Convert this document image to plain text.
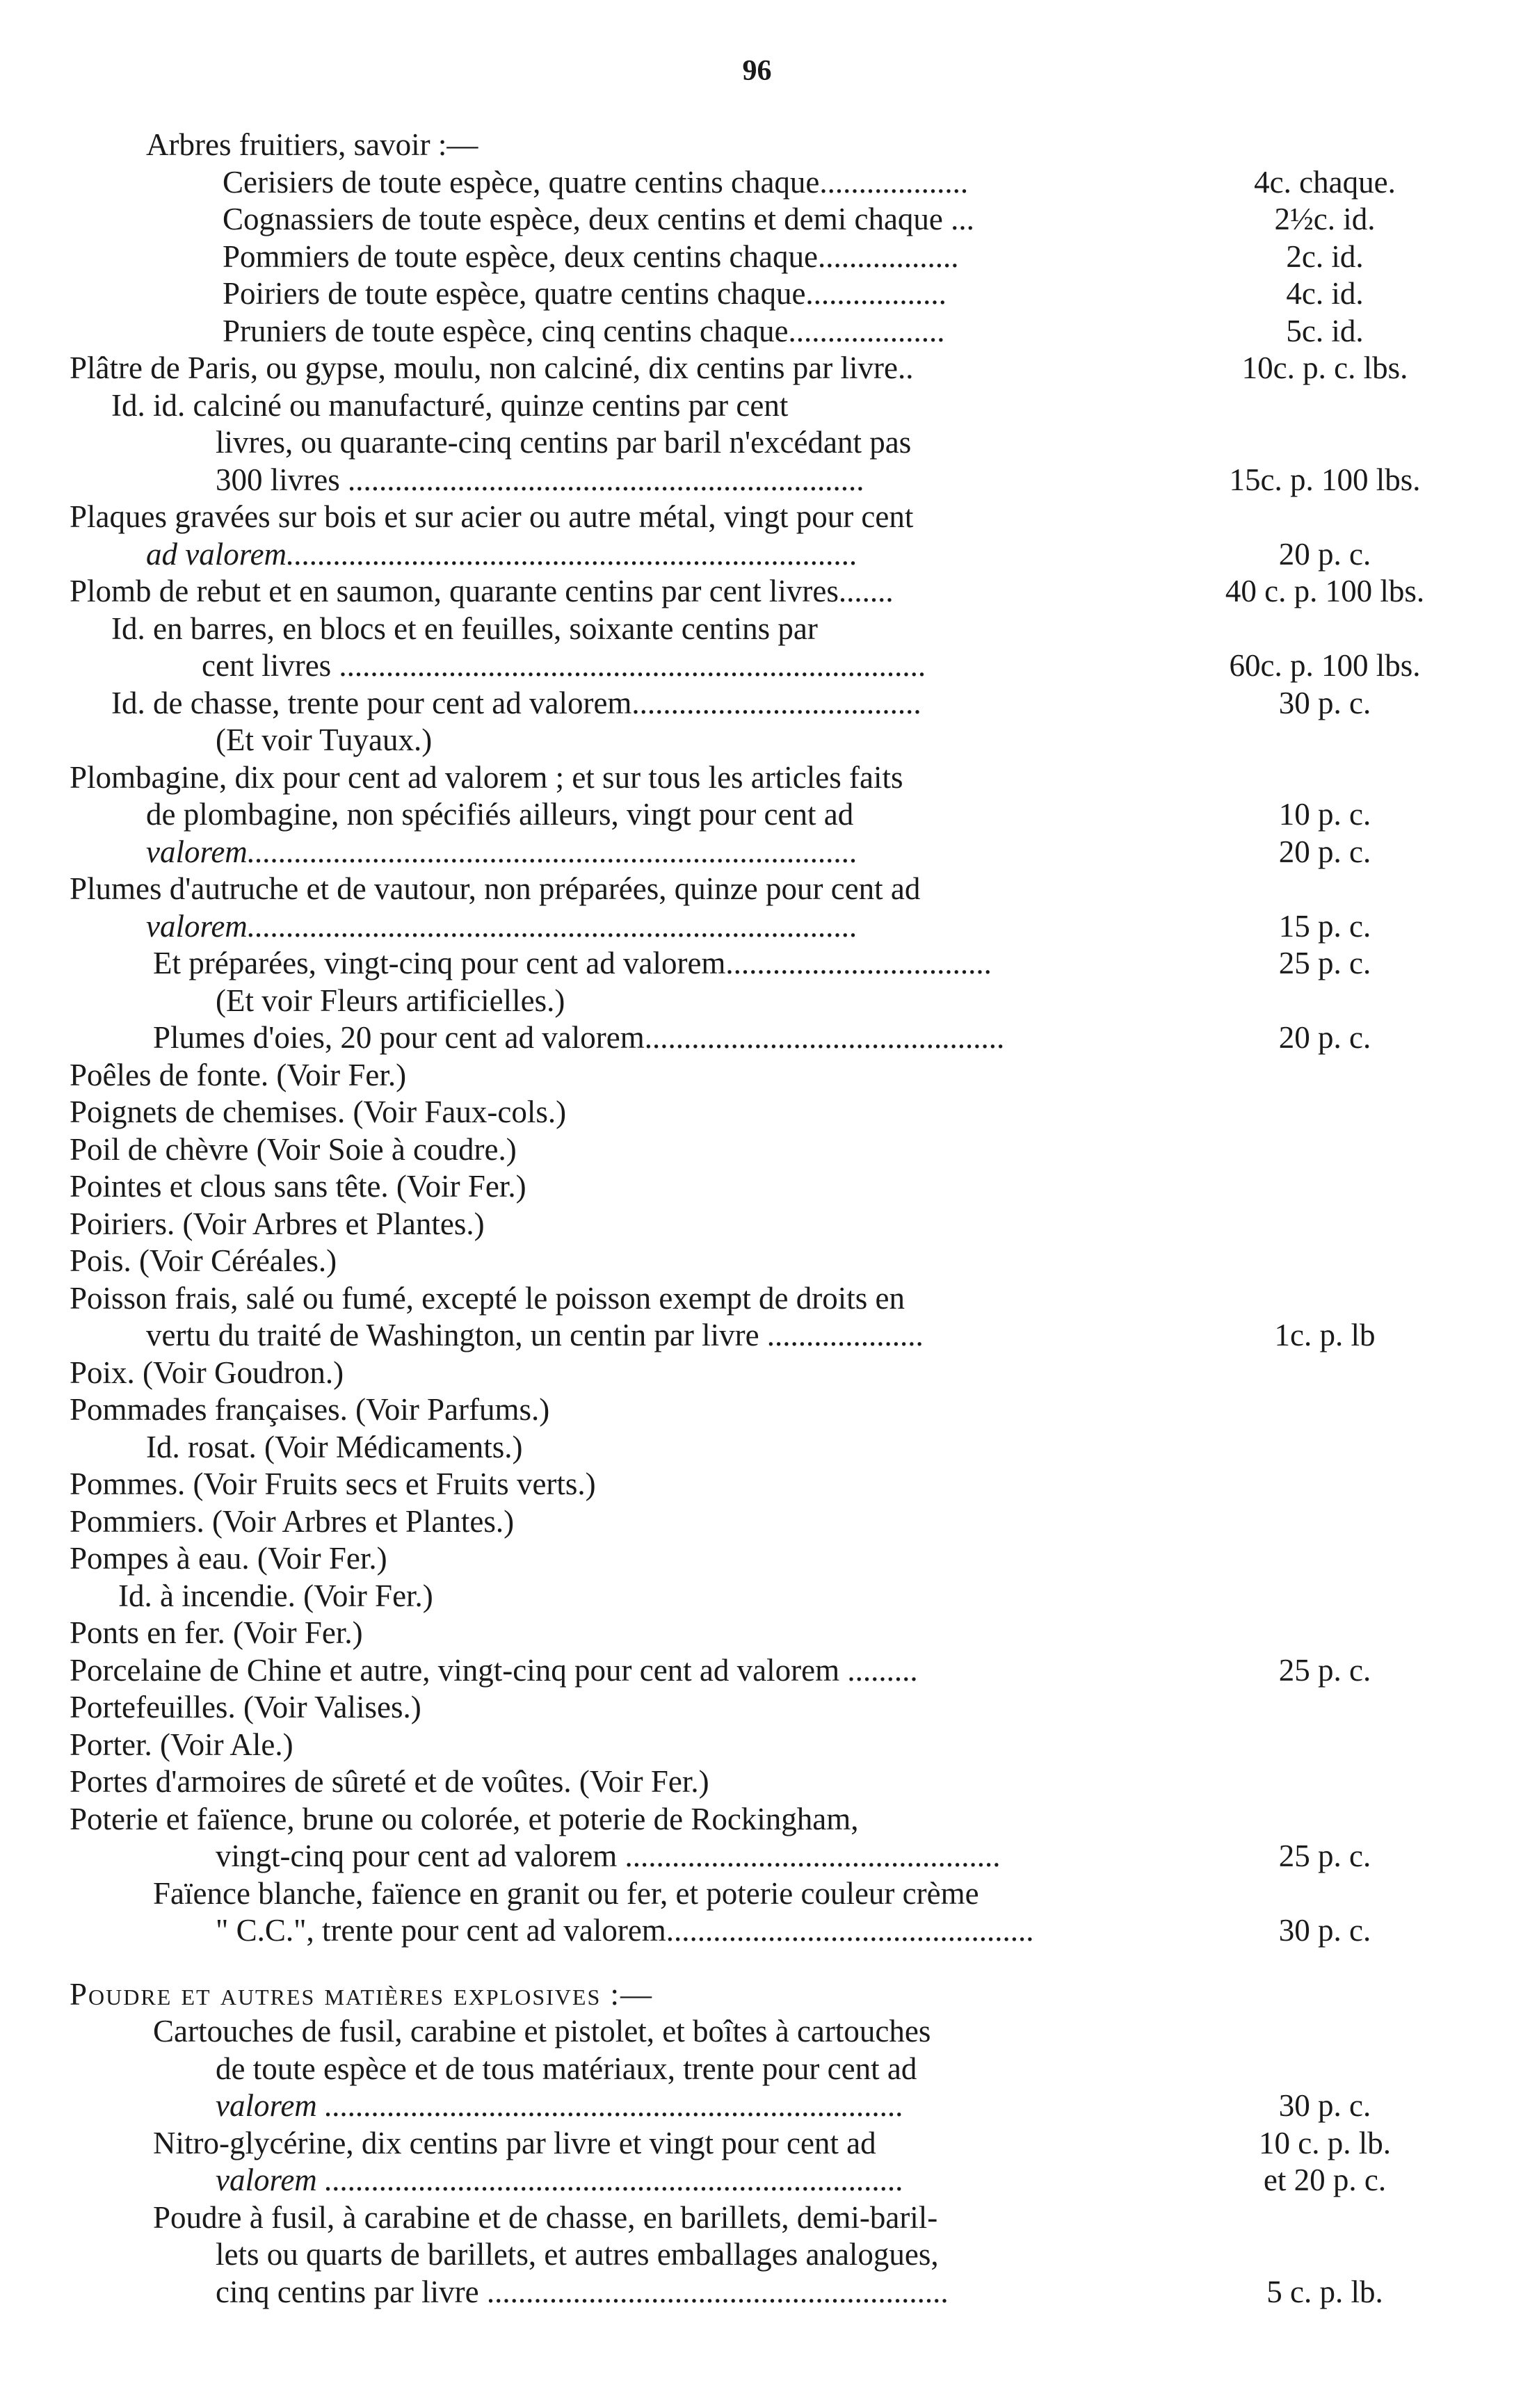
96
Arbres fruitiers, savoir :—
Cerisiers de toute espèce, quatre centins chaque...................	4c. chaque.
Cognassiers de toute espèce, deux centins et demi chaque ...	2½c. id.
Pommiers de toute espèce, deux centins chaque..................	2c. id.
Poiriers de toute espèce, quatre centins chaque..................	4c. id.
Pruniers de toute espèce, cinq centins chaque....................	5c. id.
Plâtre de Paris, ou gypse, moulu, non calciné, dix centins par livre..	10c. p. c. lbs.
Id. id. calciné ou manufacturé, quinze centins par cent
livres, ou quarante-cinq centins par baril n'excédant pas
300 livres ..................................................................	15c. p. 100 lbs.
Plaques gravées sur bois et sur acier ou autre métal, vingt pour cent
ad valorem.........................................................................	20 p. c.
Plomb de rebut et en saumon, quarante centins par cent livres.......	40 c. p. 100 lbs.
Id. en barres, en blocs et en feuilles, soixante centins par
cent livres ...........................................................................	60c. p. 100 lbs.
Id. de chasse, trente pour cent ad valorem.....................................	30 p. c.
(Et voir Tuyaux.)
Plombagine, dix pour cent ad valorem ; et sur tous les articles faits
de plombagine, non spécifiés ailleurs, vingt pour cent ad	10 p. c.
valorem..............................................................................	20 p. c.
Plumes d'autruche et de vautour, non préparées, quinze pour cent ad
valorem..............................................................................	15 p. c.
Et préparées, vingt-cinq pour cent ad valorem..................................	25 p. c.
(Et voir Fleurs artificielles.)
Plumes d'oies, 20 pour cent ad valorem..............................................	20 p. c.
Poêles de fonte. (Voir Fer.)
Poignets de chemises. (Voir Faux-cols.)
Poil de chèvre (Voir Soie à coudre.)
Pointes et clous sans tête. (Voir Fer.)
Poiriers. (Voir Arbres et Plantes.)
Pois. (Voir Céréales.)
Poisson frais, salé ou fumé, excepté le poisson exempt de droits en
vertu du traité de Washington, un centin par livre ....................	1c. p. lb
Poix. (Voir Goudron.)
Pommades françaises. (Voir Parfums.)
Id. rosat. (Voir Médicaments.)
Pommes. (Voir Fruits secs et Fruits verts.)
Pommiers. (Voir Arbres et Plantes.)
Pompes à eau. (Voir Fer.)
Id. à incendie. (Voir Fer.)
Ponts en fer. (Voir Fer.)
Porcelaine de Chine et autre, vingt-cinq pour cent ad valorem .........	25 p. c.
Portefeuilles. (Voir Valises.)
Porter. (Voir Ale.)
Portes d'armoires de sûreté et de voûtes. (Voir Fer.)
Poterie et faïence, brune ou colorée, et poterie de Rockingham,
vingt-cinq pour cent ad valorem ................................................	25 p. c.
Faïence blanche, faïence en granit ou fer, et poterie couleur crème
" C.C.", trente pour cent ad valorem...............................................	30 p. c.
Poudre et autres matières explosives :—
Cartouches de fusil, carabine et pistolet, et boîtes à cartouches
de toute espèce et de tous matériaux, trente pour cent ad
valorem ..........................................................................	30 p. c.
Nitro-glycérine, dix centins par livre et vingt pour cent ad	10 c. p. lb.
valorem ..........................................................................	et 20 p. c.
Poudre à fusil, à carabine et de chasse, en barillets, demi-baril-
lets ou quarts de barillets, et autres emballages analogues,
cinq centins par livre ...........................................................	5 c. p. lb.
